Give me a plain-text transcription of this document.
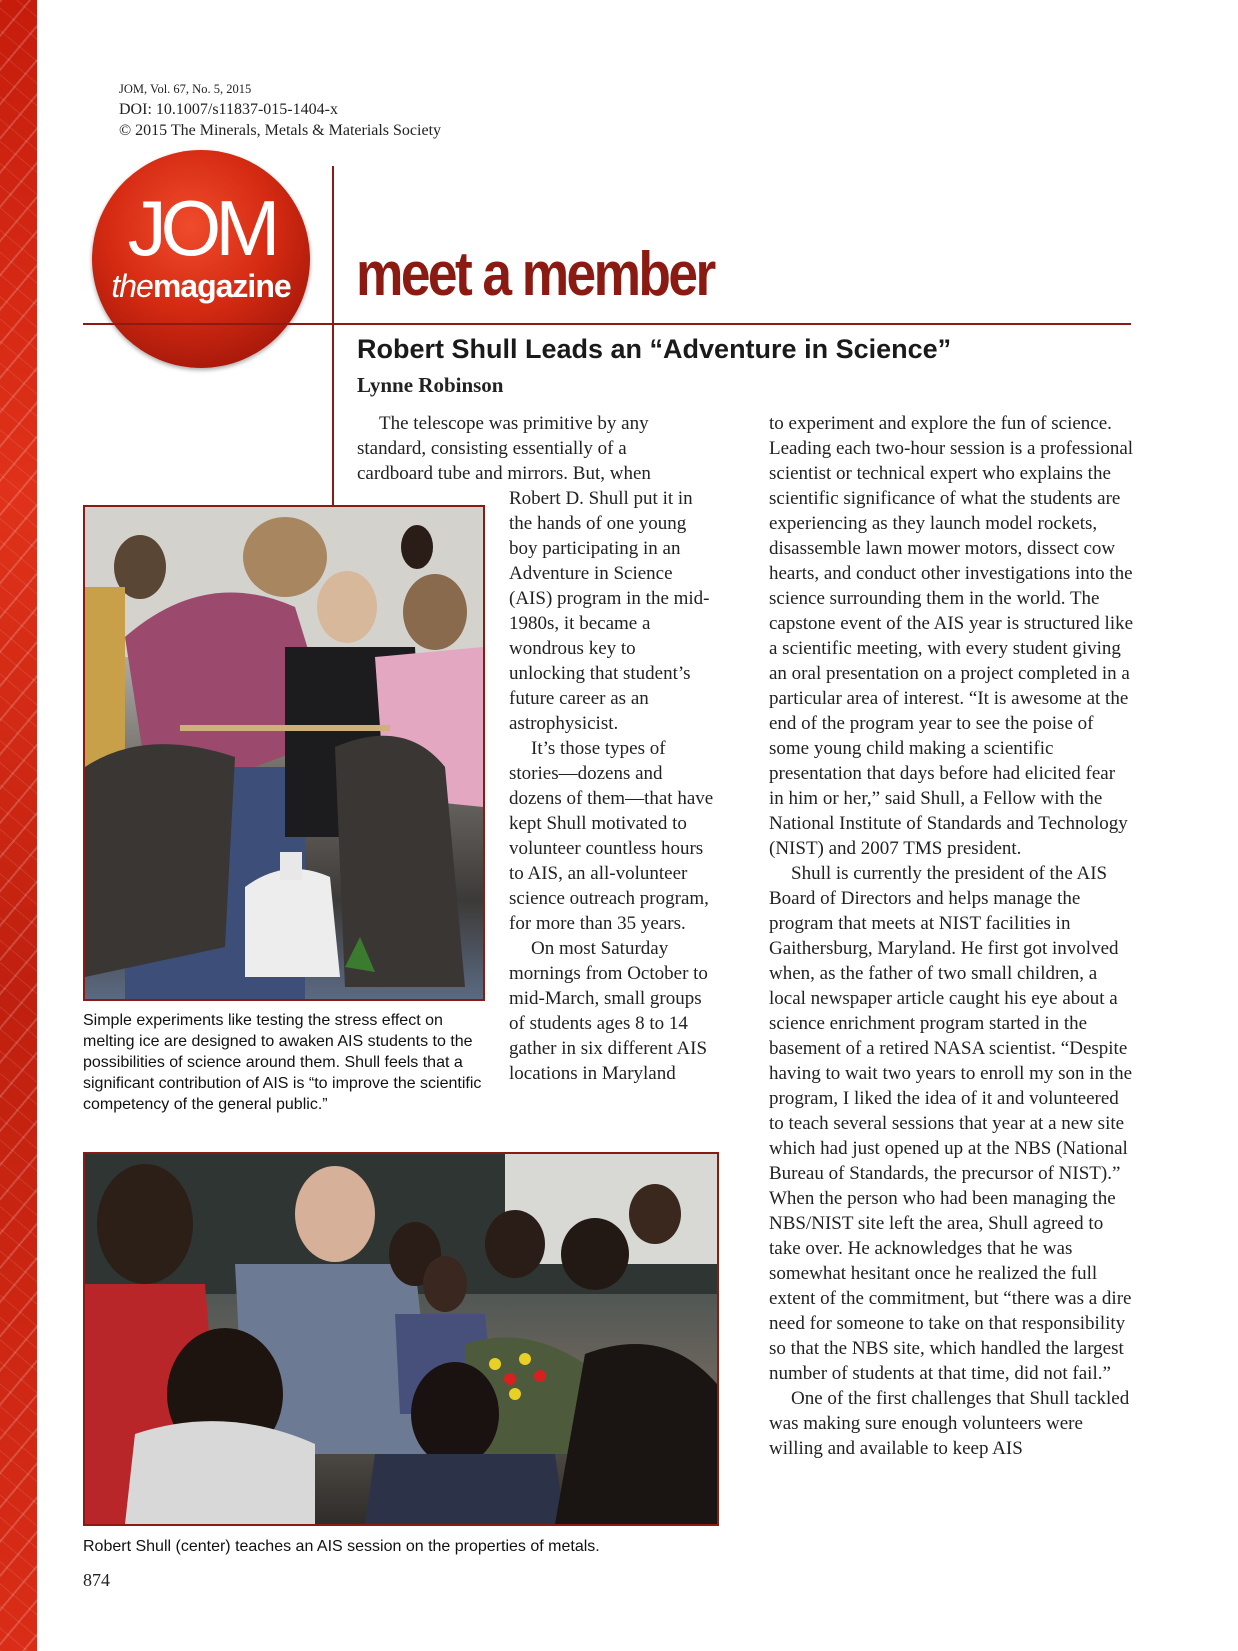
JOM, Vol. 67, No. 5, 2015
DOI: 10.1007/s11837-015-1404-x
© 2015 The Minerals, Metals & Materials Society
JOM
themagazine	meet a member
Robert Shull Leads an “Adventure in Science”
Lynne Robinson

The telescope was primitive by any standard, consisting essentially of a cardboard tube and mirrors. But, when

Simple experiments like testing the stress effect on melting ice are designed to awaken AIS students to the possibilities of science around them. Shull feels that a significant contribution of AIS is “to improve the scientific competency of the general public.”

Robert D. Shull put it in the hands of one young boy participating in an Adventure in Science (AIS) program in the mid-1980s, it became a wondrous key to unlocking that student’s future career as an astrophysicist.

It’s those types of stories—dozens and dozens of them—that have kept Shull motivated to volunteer countless hours to AIS, an all-volunteer science outreach program, for more than 35 years.

On most Saturday mornings from October to mid-March, small groups of students ages 8 to 14 gather in six different AIS locations in Maryland

to experiment and explore the fun of science. Leading each two-hour session is a professional scientist or technical expert who explains the scientific significance of what the students are experiencing as they launch model rockets, disassemble lawn mower motors, dissect cow hearts, and conduct other investigations into the science surrounding them in the world. The capstone event of the AIS year is structured like a scientific meeting, with every student giving an oral presentation on a project completed in a particular area of interest. “It is awesome at the end of the program year to see the poise of some young child making a scientific presentation that days before had elicited fear in him or her,” said Shull, a Fellow with the National Institute of Standards and Technology (NIST) and 2007 TMS president.

Shull is currently the president of the AIS Board of Directors and helps manage the program that meets at NIST facilities in Gaithersburg, Maryland. He first got involved when, as the father of two small children, a local newspaper article caught his eye about a science enrichment program started in the basement of a retired NASA scientist. “Despite having to wait two years to enroll my son in the program, I liked the idea of it and volunteered to teach several sessions that year at a new site which had just opened up at the NBS (National Bureau of Standards, the precursor of NIST).” When the person who had been managing the NBS/NIST site left the area, Shull agreed to take over. He acknowledges that he was somewhat hesitant once he realized the full extent of the commitment, but “there was a dire need for someone to take on that responsibility so that the NBS site, which handled the largest number of students at that time, did not fail.”

One of the first challenges that Shull tackled was making sure enough volunteers were willing and available to keep AIS

Robert Shull (center) teaches an AIS session on the properties of metals.
874
